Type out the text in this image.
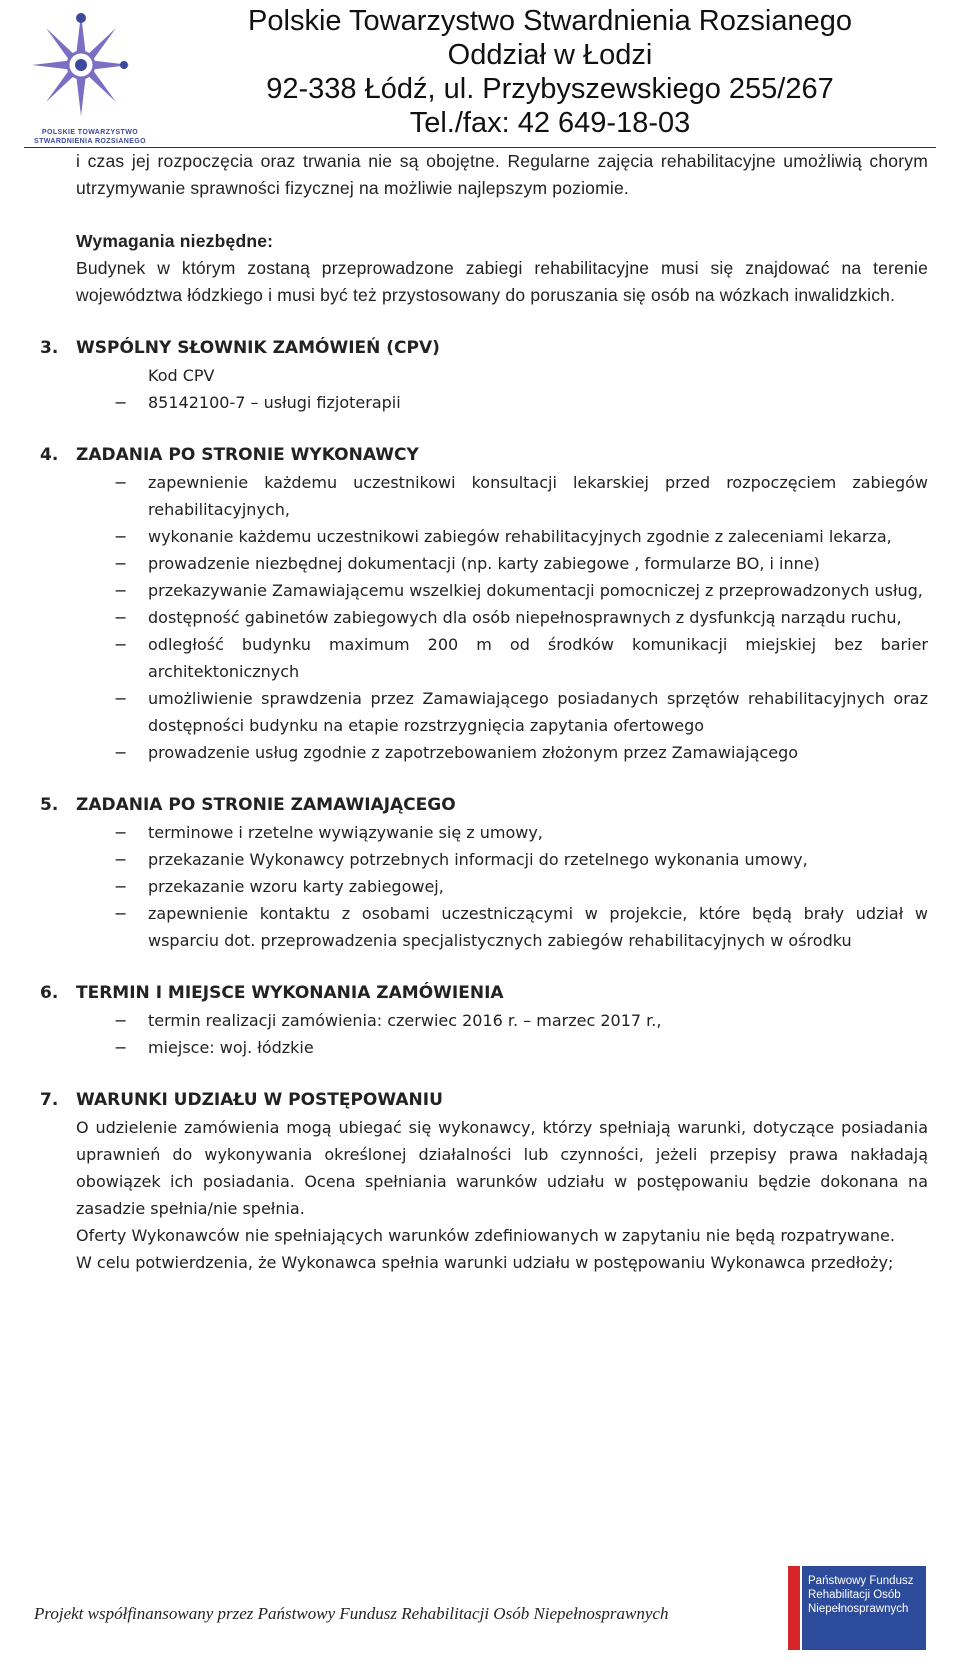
POLSKIE TOWARZYSTWO
STWARDNIENIA ROZSIANEGO
Polskie Towarzystwo Stwardnienia Rozsianego
Oddział w Łodzi
92-338 Łódź, ul. Przybyszewskiego 255/267
Tel./fax: 42 649-18-03

i czas jej rozpoczęcia oraz trwania nie są obojętne. Regularne zajęcia rehabilitacyjne umożliwią chorym utrzymywanie sprawności fizycznej na możliwie najlepszym poziomie.

Wymagania niezbędne:

Budynek w którym zostaną przeprowadzone zabiegi rehabilitacyjne musi się znajdować na terenie województwa łódzkiego i musi być też przystosowany do poruszania się osób na wózkach inwalidzkich.

3. WSPÓLNY SŁOWNIK ZAMÓWIEŃ (CPV)

Kod CPV

− 85142100-7 – usługi fizjoterapii

4. ZADANIA PO STRONIE WYKONAWCY

− zapewnienie każdemu uczestnikowi konsultacji lekarskiej przed rozpoczęciem zabiegów rehabilitacyjnych,

− wykonanie każdemu uczestnikowi zabiegów rehabilitacyjnych zgodnie z zaleceniami lekarza,

− prowadzenie niezbędnej dokumentacji (np. karty zabiegowe , formularze BO, i inne)

− przekazywanie Zamawiającemu wszelkiej dokumentacji pomocniczej z przeprowadzonych usług,

− dostępność gabinetów zabiegowych dla osób niepełnosprawnych z dysfunkcją narządu ruchu,

− odległość budynku maximum 200 m od środków komunikacji miejskiej bez barier architektonicznych

− umożliwienie sprawdzenia przez Zamawiającego posiadanych sprzętów rehabilitacyjnych oraz dostępności budynku na etapie rozstrzygnięcia zapytania ofertowego

− prowadzenie usług zgodnie z zapotrzebowaniem złożonym przez Zamawiającego

5. ZADANIA PO STRONIE ZAMAWIAJĄCEGO

− terminowe i rzetelne wywiązywanie się z umowy,

− przekazanie Wykonawcy potrzebnych informacji do rzetelnego wykonania umowy,

− przekazanie wzoru karty zabiegowej,

− zapewnienie kontaktu z osobami uczestniczącymi w projekcie, które będą brały udział w wsparciu dot. przeprowadzenia specjalistycznych zabiegów rehabilitacyjnych w ośrodku

6. TERMIN I MIEJSCE WYKONANIA ZAMÓWIENIA

− termin realizacji zamówienia: czerwiec 2016 r. – marzec 2017 r.,

− miejsce: woj. łódzkie

7. WARUNKI UDZIAŁU W POSTĘPOWANIU

O udzielenie zamówienia mogą ubiegać się wykonawcy, którzy spełniają warunki, dotyczące posiadania uprawnień do wykonywania określonej działalności lub czynności, jeżeli przepisy prawa nakładają obowiązek ich posiadania. Ocena spełniania warunków udziału w postępowaniu będzie dokonana na zasadzie spełnia/nie spełnia.

Oferty Wykonawców nie spełniających warunków zdefiniowanych w zapytaniu nie będą rozpatrywane.

W celu potwierdzenia, że Wykonawca spełnia warunki udziału w postępowaniu Wykonawca przedłoży;

Projekt współfinansowany przez Państwowy Fundusz Rehabilitacji Osób Niepełnosprawnych
Państwowy Fundusz
Rehabilitacji Osób
Niepełnosprawnych
